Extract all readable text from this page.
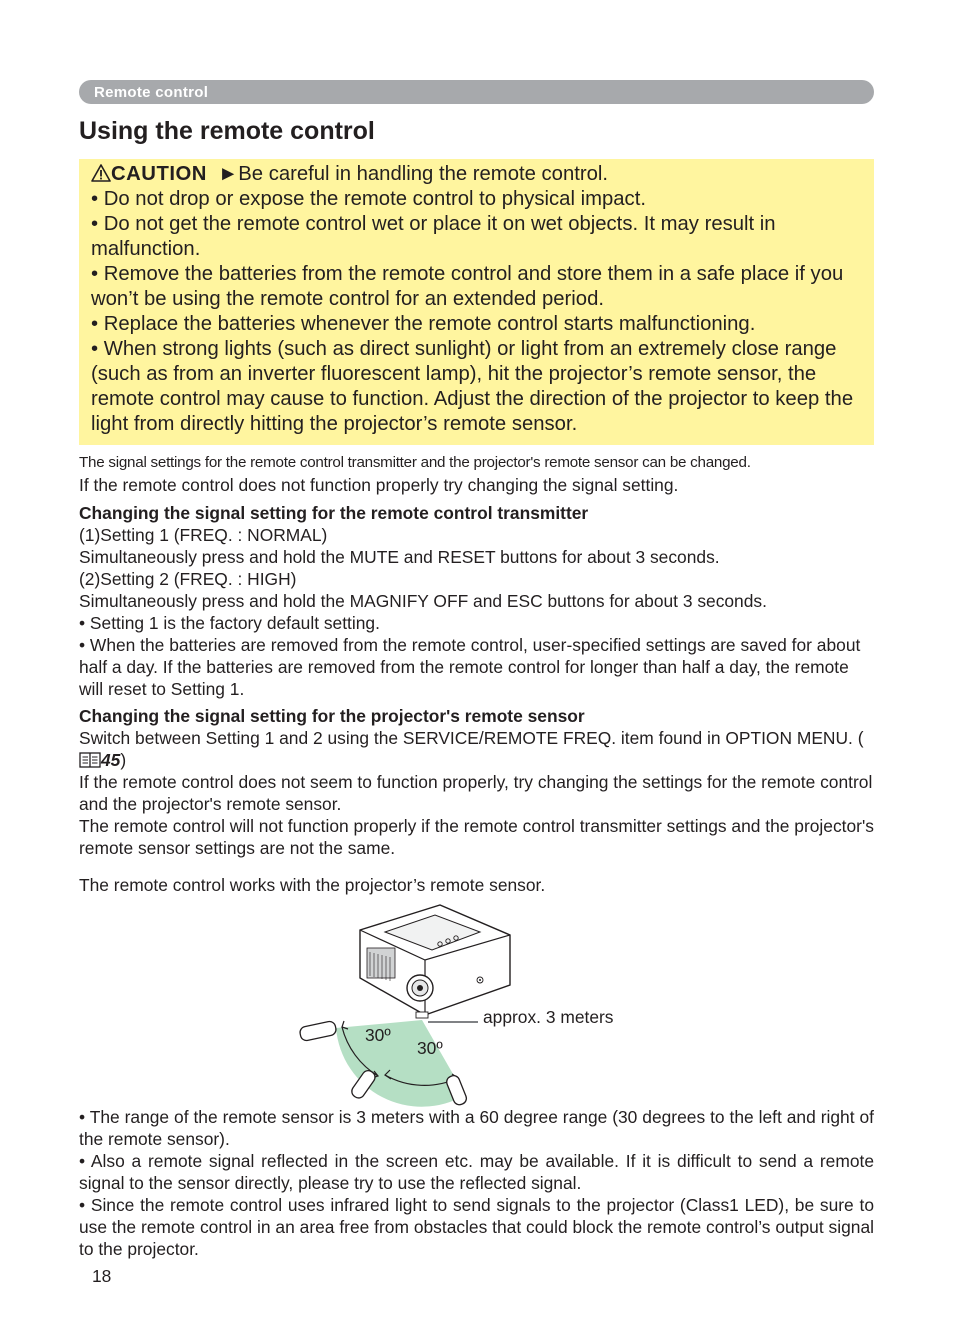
Remote control
Using the remote control

CAUTION ►Be careful in handling the remote control.

• Do not drop or expose the remote control to physical impact.

• Do not get the remote control wet or place it on wet objects. It may result in malfunction.

• Remove the batteries from the remote control and store them in a safe place if you won’t be using the remote control for an extended period.

• Replace the batteries whenever the remote control starts malfunctioning.

• When strong lights (such as direct sunlight) or light from an extremely close range (such as from an inverter fluorescent lamp), hit the projector’s remote sensor, the remote control may cause to function. Adjust the direction of the projector to keep the light from directly hitting the projector’s remote sensor.

The signal settings for the remote control transmitter and the projector's remote sensor can be changed.

If the remote control does not function properly try changing the signal setting.

Changing the signal setting for the remote control transmitter

(1)Setting 1 (FREQ. : NORMAL)

Simultaneously press and hold the MUTE and RESET buttons for about 3 seconds.

(2)Setting 2 (FREQ. : HIGH)

Simultaneously press and hold the MAGNIFY OFF and ESC buttons for about 3 seconds.

• Setting 1 is the factory default setting.

• When the batteries are removed from the remote control, user-specified settings are saved for about half a day. If the batteries are removed from the remote control for longer than half a day, the remote will reset to Setting 1.

Changing the signal setting for the projector's remote sensor

Switch between Setting 1 and 2 using the SERVICE/REMOTE FREQ. item found in OPTION MENU. (45)

If the remote control does not seem to function properly, try changing the settings for the remote control and the projector's remote sensor.

The remote control will not function properly if the remote control transmitter settings and the projector's remote sensor settings are not the same.

The remote control works with the projector’s remote sensor.

approx. 3 meters
30º
30º

• The range of the remote sensor is 3 meters with a 60 degree range (30 degrees to the left and right of the remote sensor).

• Also a remote signal reflected in the screen etc. may be available. If it is difficult to send a remote signal to the sensor directly, please try to use the reflected signal.

• Since the remote control uses infrared light to send signals to the projector (Class1 LED), be sure to use the remote control in an area free from obstacles that could block the remote control’s output signal to the projector.

18
